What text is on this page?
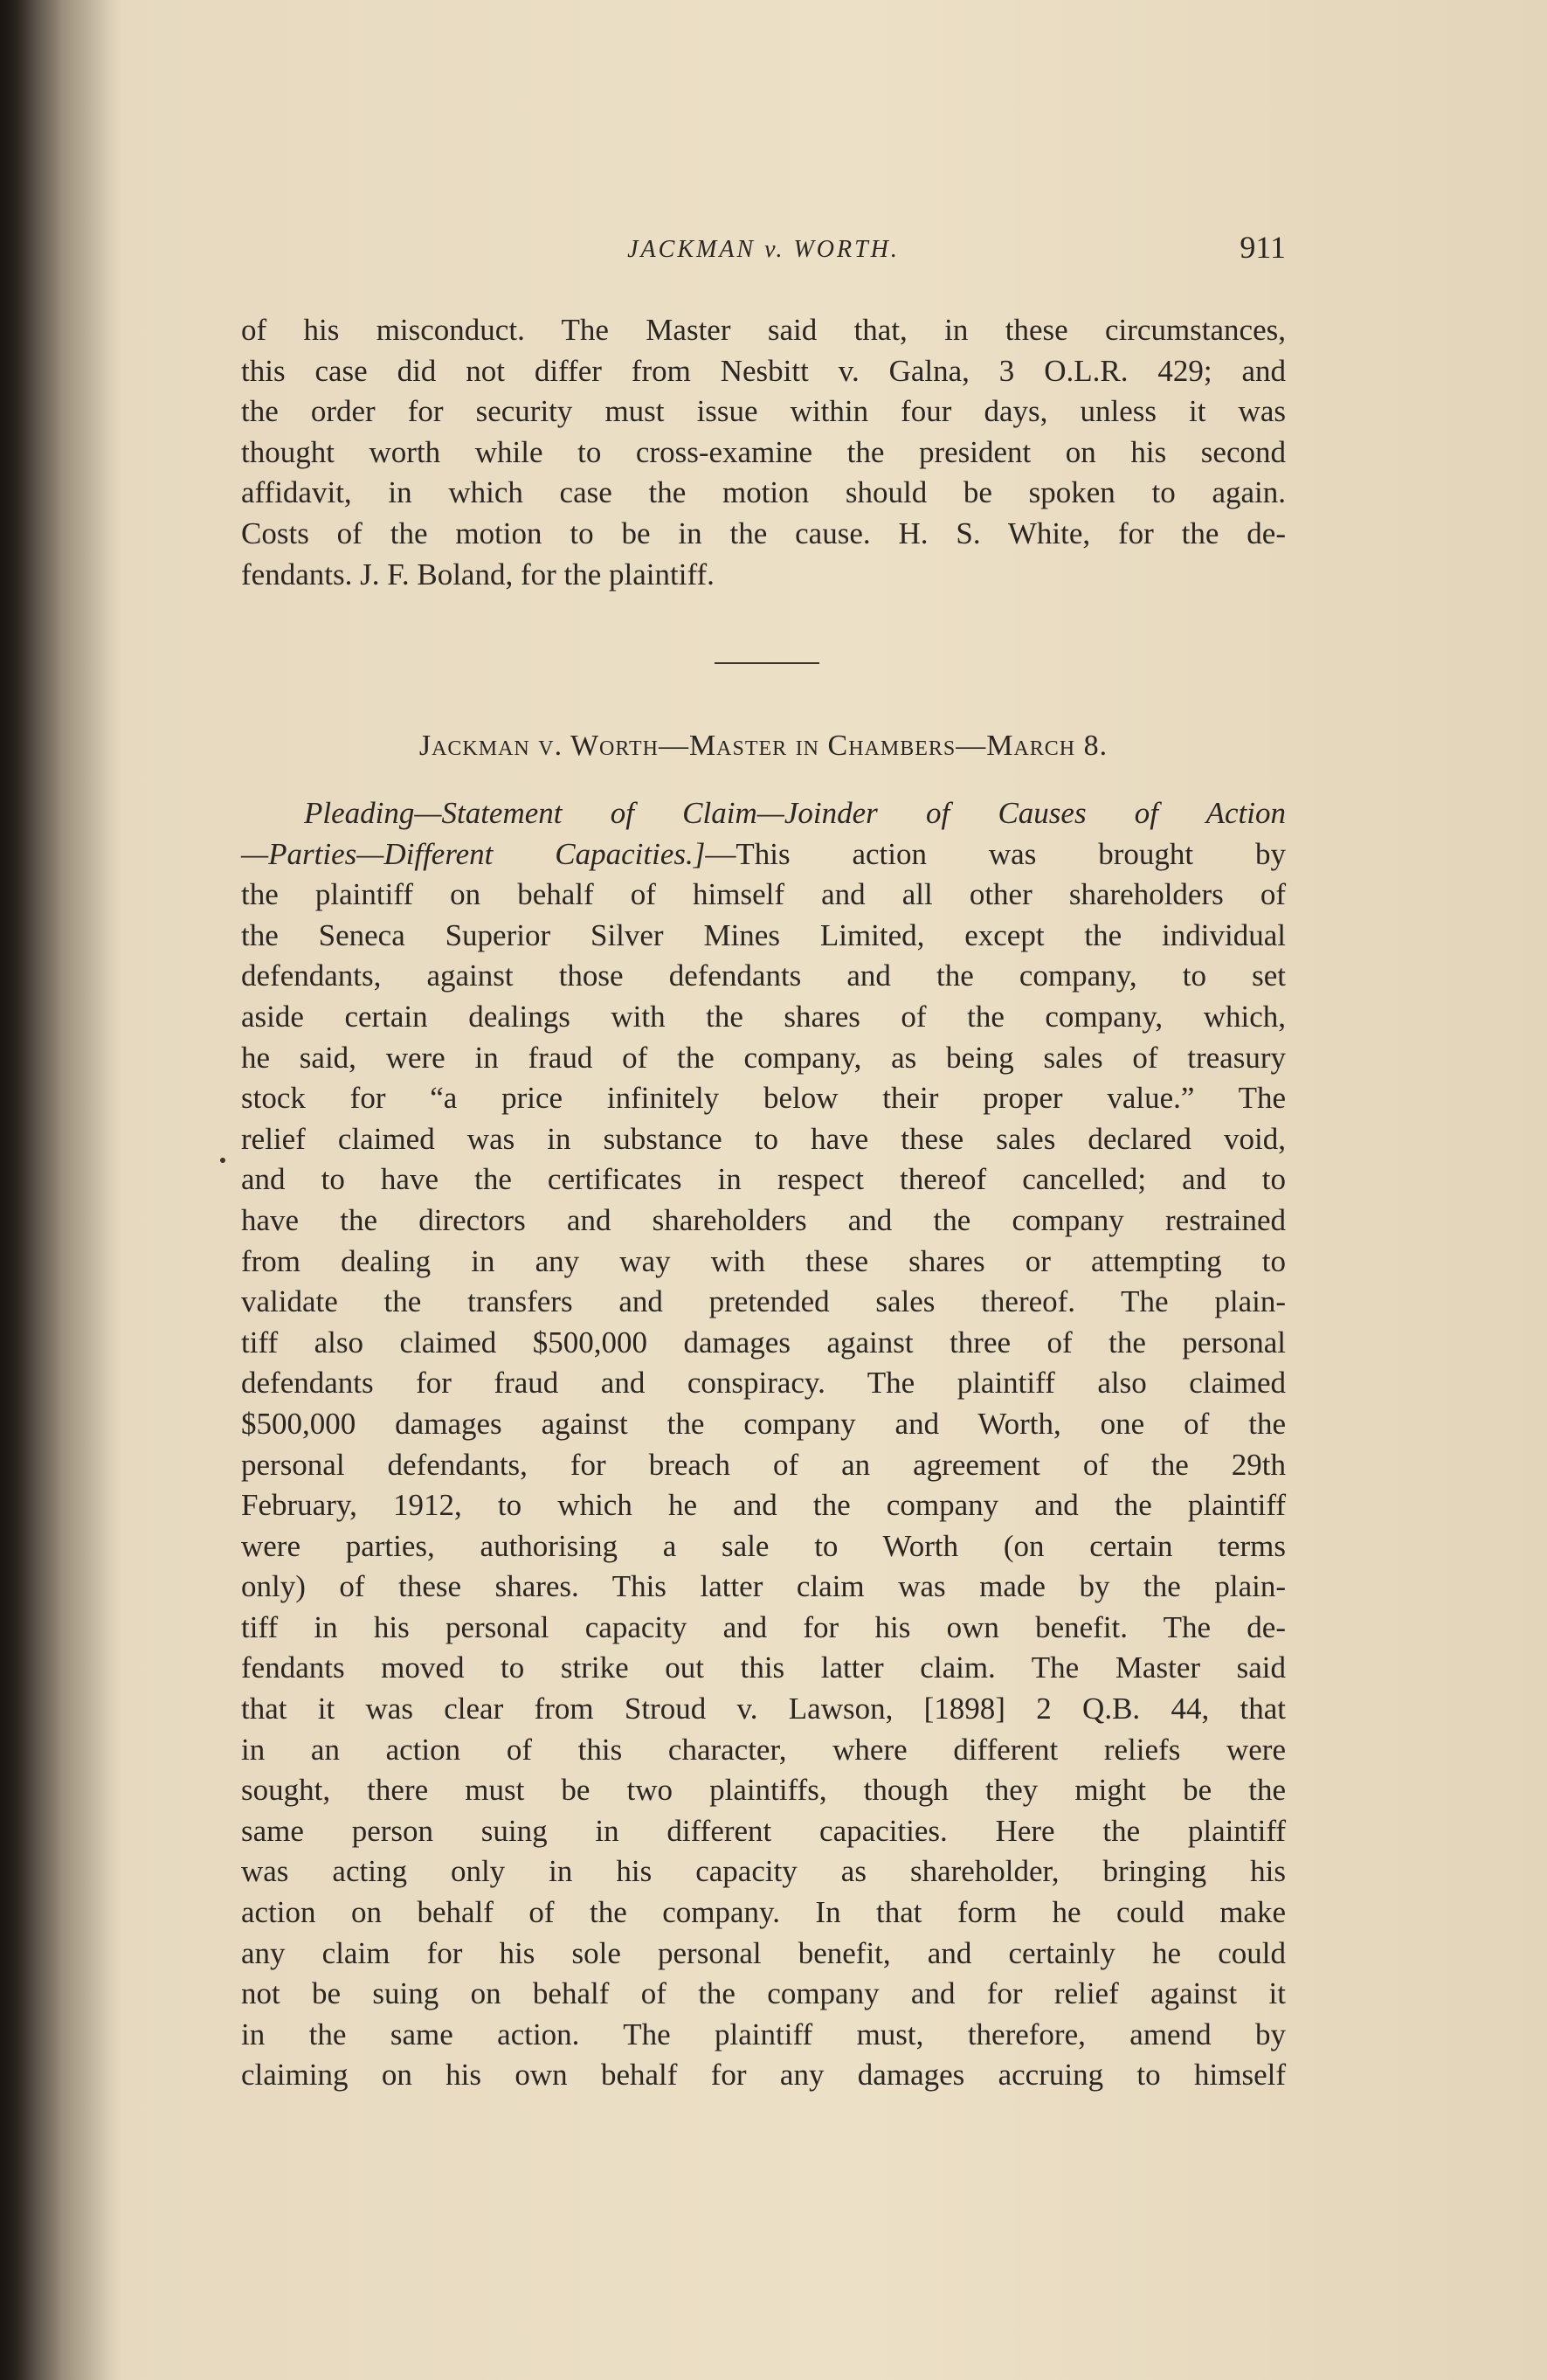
JACKMAN v. WORTH.	911
of his misconduct. The Master said that, in these circumstances,
this case did not differ from Nesbitt v. Galna, 3 O.L.R. 429; and
the order for security must issue within four days, unless it was
thought worth while to cross-examine the president on his second
affidavit, in which case the motion should be spoken to again.
Costs of the motion to be in the cause. H. S. White, for the de-
fendants. J. F. Boland, for the plaintiff.
Jackman v. Worth—Master in Chambers—March 8.
Pleading—Statement of Claim—Joinder of Causes of Action
—Parties—Different Capacities.]—This action was brought by
the plaintiff on behalf of himself and all other shareholders of
the Seneca Superior Silver Mines Limited, except the individual
defendants, against those defendants and the company, to set
aside certain dealings with the shares of the company, which,
he said, were in fraud of the company, as being sales of treasury
stock for “a price infinitely below their proper value.” The
relief claimed was in substance to have these sales declared void,
and to have the certificates in respect thereof cancelled; and to
have the directors and shareholders and the company restrained
from dealing in any way with these shares or attempting to
validate the transfers and pretended sales thereof. The plain-
tiff also claimed $500,000 damages against three of the personal
defendants for fraud and conspiracy. The plaintiff also claimed
$500,000 damages against the company and Worth, one of the
personal defendants, for breach of an agreement of the 29th
February, 1912, to which he and the company and the plaintiff
were parties, authorising a sale to Worth (on certain terms
only) of these shares. This latter claim was made by the plain-
tiff in his personal capacity and for his own benefit. The de-
fendants moved to strike out this latter claim. The Master said
that it was clear from Stroud v. Lawson, [1898] 2 Q.B. 44, that
in an action of this character, where different reliefs were
sought, there must be two plaintiffs, though they might be the
same person suing in different capacities. Here the plaintiff
was acting only in his capacity as shareholder, bringing his
action on behalf of the company. In that form he could make
any claim for his sole personal benefit, and certainly he could
not be suing on behalf of the company and for relief against it
in the same action. The plaintiff must, therefore, amend by
claiming on his own behalf for any damages accruing to himself
